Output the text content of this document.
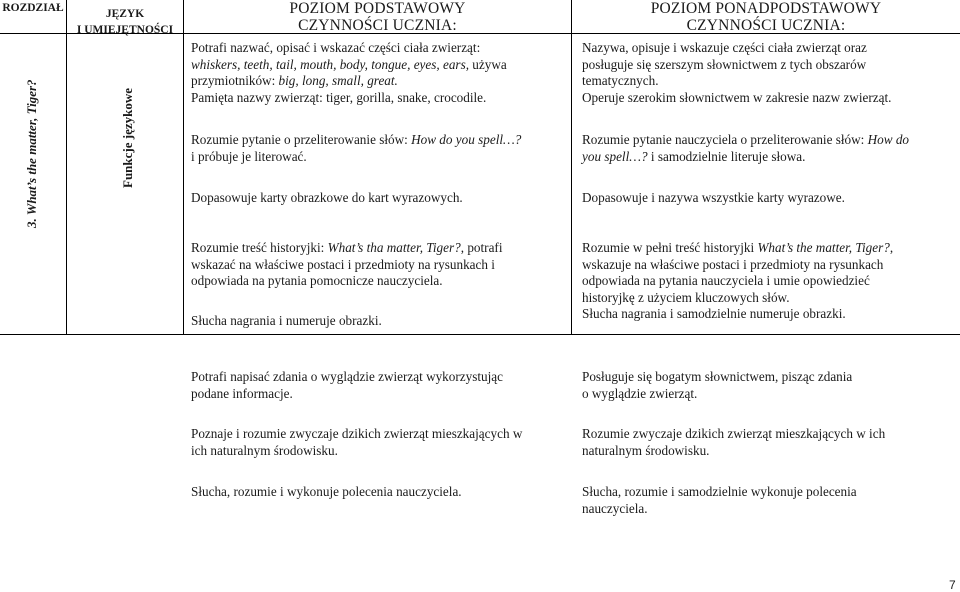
ROZDZIAŁ	JĘZYK
I UMIEJĘTNOŚCI
POZIOM PODSTAWOWY
CZYNNOŚCI UCZNIA:
POZIOM PONADPODSTAWOWY
CZYNNOŚCI UCZNIA:
3. What’s the matter, Tiger?	Funkcje językowe

Potrafi nazwać, opisać i wskazać części ciała zwierząt:

whiskers, teeth, tail, mouth, body, tongue, eyes, ears, używa

przymiotników: big, long, small, great.

Pamięta nazwy zwierząt: tiger, gorilla, snake, crocodile.

Rozumie pytanie o przeliterowanie słów: How do you spell…?

i próbuje je literować.

Dopasowuje karty obrazkowe do kart wyrazowych.

Rozumie treść historyjki: What’s tha matter, Tiger?, potrafi

wskazać na właściwe postaci i przedmioty na rysunkach i

odpowiada na pytania pomocnicze nauczyciela.

Słucha nagrania i numeruje obrazki.

Potrafi napisać zdania o wyglądzie zwierząt wykorzystując

podane informacje.

Poznaje i rozumie zwyczaje dzikich zwierząt mieszkających w

ich naturalnym środowisku.

Słucha, rozumie i wykonuje polecenia nauczyciela.

Nazywa, opisuje i wskazuje części ciała zwierząt oraz

posługuje się szerszym słownictwem z tych obszarów

tematycznych.

Operuje szerokim słownictwem w zakresie nazw zwierząt.

Rozumie pytanie nauczyciela o przeliterowanie słów: How do

you spell…? i samodzielnie literuje słowa.

Dopasowuje i nazywa wszystkie karty wyrazowe.

Rozumie w pełni treść historyjki What’s the matter, Tiger?,

wskazuje na właściwe postaci i przedmioty na rysunkach

odpowiada na pytania nauczyciela i umie opowiedzieć

historyjkę z użyciem kluczowych słów.

Słucha nagrania i samodzielnie numeruje obrazki.

Posługuje się bogatym słownictwem, pisząc zdania

o wyglądzie zwierząt.

Rozumie zwyczaje dzikich zwierząt mieszkających w ich

naturalnym środowisku.

Słucha, rozumie i samodzielnie wykonuje polecenia

nauczyciela.

7
